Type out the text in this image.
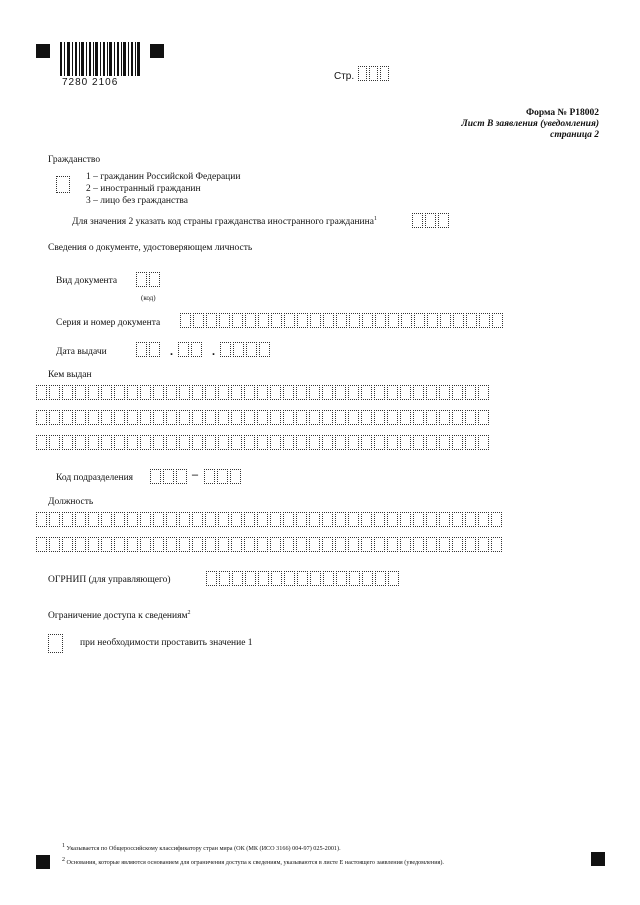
7280 2106
Стр.
Форма № Р18002
Лист В заявления (уведомления)
страница 2
Гражданство
1 – гражданин Российской Федерации
2 – иностранный гражданин
3 – лицо без гражданства
Для значения 2 указать код страны гражданства иностранного гражданина$^1$
Сведения о документе, удостоверяющем личность
Вид документа
(код)
Серия и номер документа
Дата выдачи	.	.
Кем выдан
Код подразделения	–
Должность
ОГРНИП (для управляющего)
Ограничение доступа к сведениям$^2$
при необходимости проставить значение 1
$^1$ Указывается по Общероссийскому классификатору стран мира (ОК (МК (ИСО 3166) 004-97) 025-2001).
$^2$ Основания, которые являются основанием для ограничения доступа к сведениям, указываются в листе Е настоящего заявления (уведомления).
